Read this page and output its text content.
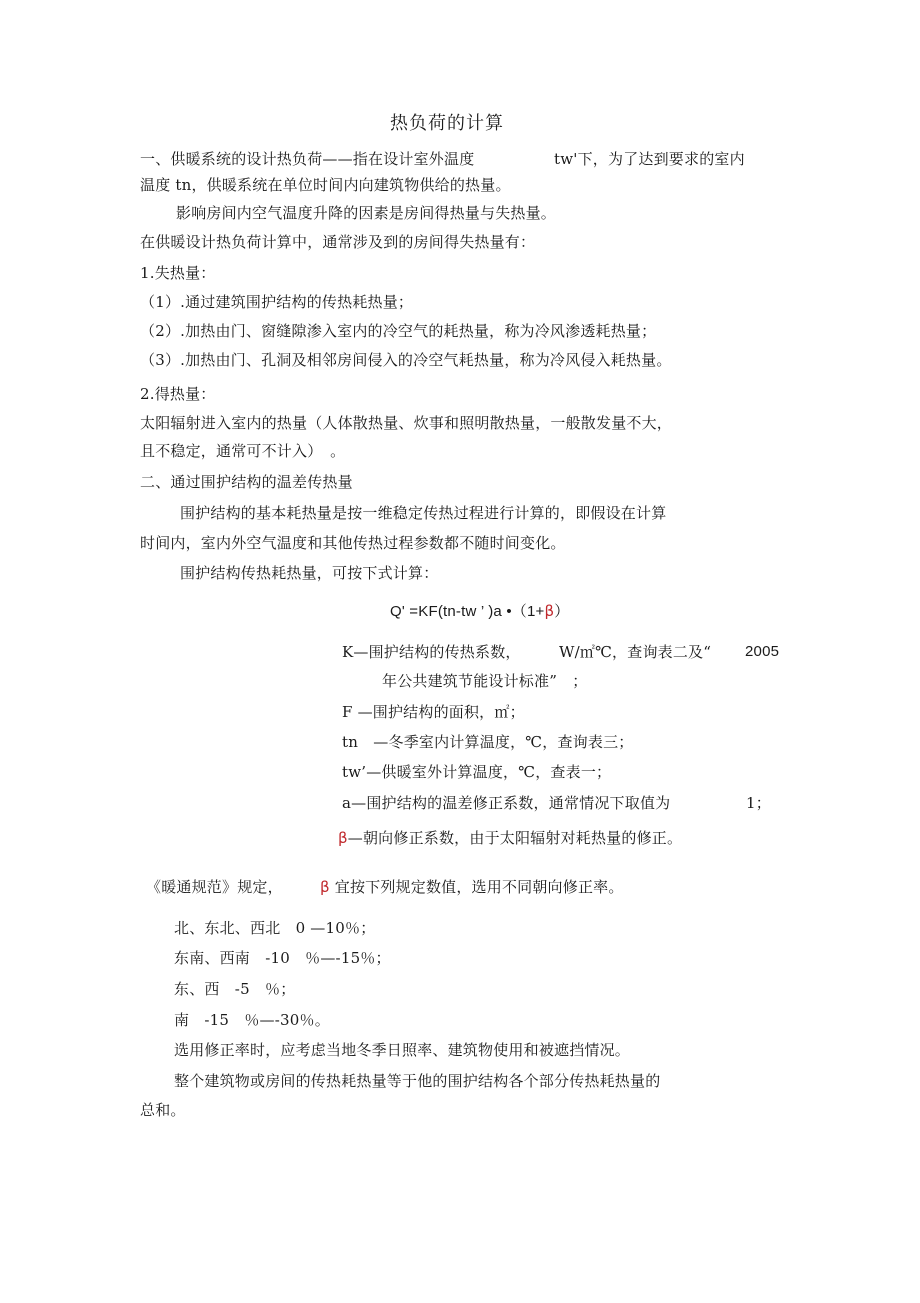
热负荷的计算
一、供暖系统的设计热负荷——指在设计室外温度	tw'下，为了达到要求的室内
温度 tn，供暖系统在单位时间内向建筑物供给的热量。
影响房间内空气温度升降的因素是房间得热量与失热量。
在供暖设计热负荷计算中，通常涉及到的房间得失热量有：
1.失热量：
（1）.通过建筑围护结构的传热耗热量；
（2）.加热由门、窗缝隙渗入室内的冷空气的耗热量，称为冷风渗透耗热量；
（3）.加热由门、孔洞及相邻房间侵入的冷空气耗热量，称为冷风侵入耗热量。
2.得热量：
太阳辐射进入室内的热量（人体散热量、炊事和照明散热量，一般散发量不大，
且不稳定，通常可不计入）　。
二、通过围护结构的温差传热量
围护结构的基本耗热量是按一维稳定传热过程进行计算的，即假设在计算
时间内，室内外空气温度和其他传热过程参数都不随时间变化。
围护结构传热耗热量，可按下式计算：
Q' =KF(tn-tw ’ )a •（1+β）
K—围护结构的传热系数，	W/㎡℃，查询表二及“ 2005
年公共建筑节能设计标准”　；
F —围护结构的面积，㎡；
tn　—冬季室内计算温度，℃，查询表三；
tw’—供暖室外计算温度，℃，查表一；
a—围护结构的温差修正系数，通常情况下取值为	1；
β—朝向修正系数，由于太阳辐射对耗热量的修正。
《暖通规范》规定， β 宜按下列规定数值，选用不同朝向修正率。
北、东北、西北　0 —10％；
东南、西南　-10　％—-15％；
东、西　-5　％；
南　-15　％—-30％。
选用修正率时，应考虑当地冬季日照率、建筑物使用和被遮挡情况。
整个建筑物或房间的传热耗热量等于他的围护结构各个部分传热耗热量的
总和。
